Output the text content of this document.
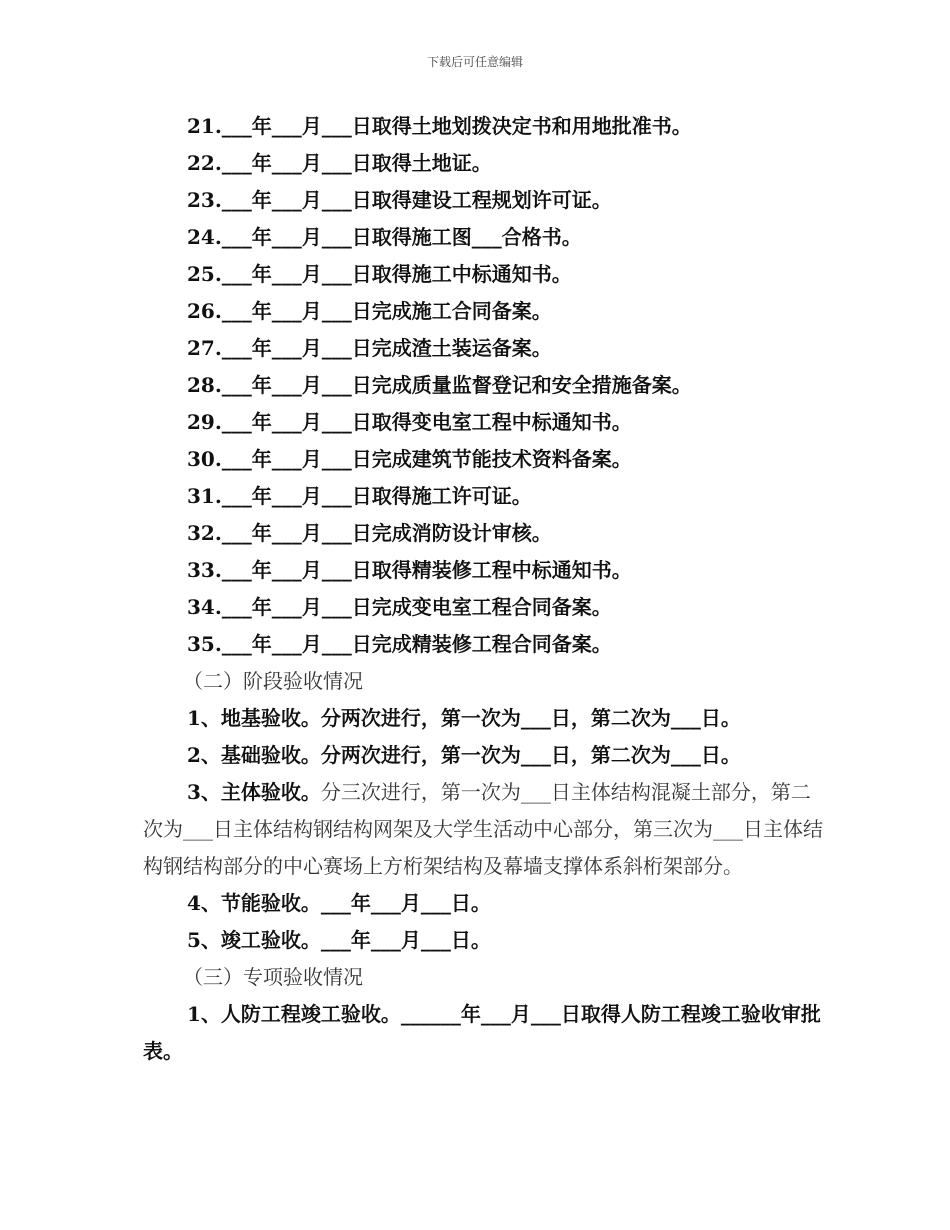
下载后可任意编辑
21.___年___月___日取得土地划拨决定书和用地批准书。
22.___年___月___日取得土地证。
23.___年___月___日取得建设工程规划许可证。
24.___年___月___日取得施工图___合格书。
25.___年___月___日取得施工中标通知书。
26.___年___月___日完成施工合同备案。
27.___年___月___日完成渣土装运备案。
28.___年___月___日完成质量监督登记和安全措施备案。
29.___年___月___日取得变电室工程中标通知书。
30.___年___月___日完成建筑节能技术资料备案。
31.___年___月___日取得施工许可证。
32.___年___月___日完成消防设计审核。
33.___年___月___日取得精装修工程中标通知书。
34.___年___月___日完成变电室工程合同备案。
35.___年___月___日完成精装修工程合同备案。
（二）阶段验收情况
1、地基验收。分两次进行，第一次为___日，第二次为___日。
2、基础验收。分两次进行，第一次为___日，第二次为___日。
3、主体验收。分三次进行，第一次为___日主体结构混凝土部分，第二次为___日主体结构钢结构网架及大学生活动中心部分，第三次为___日主体结构钢结构部分的中心赛场上方桁架结构及幕墙支撑体系斜桁架部分。
4、节能验收。___年___月___日。
5、竣工验收。___年___月___日。
（三）专项验收情况
1、人防工程竣工验收。______年___月___日取得人防工程竣工验收审批表。
